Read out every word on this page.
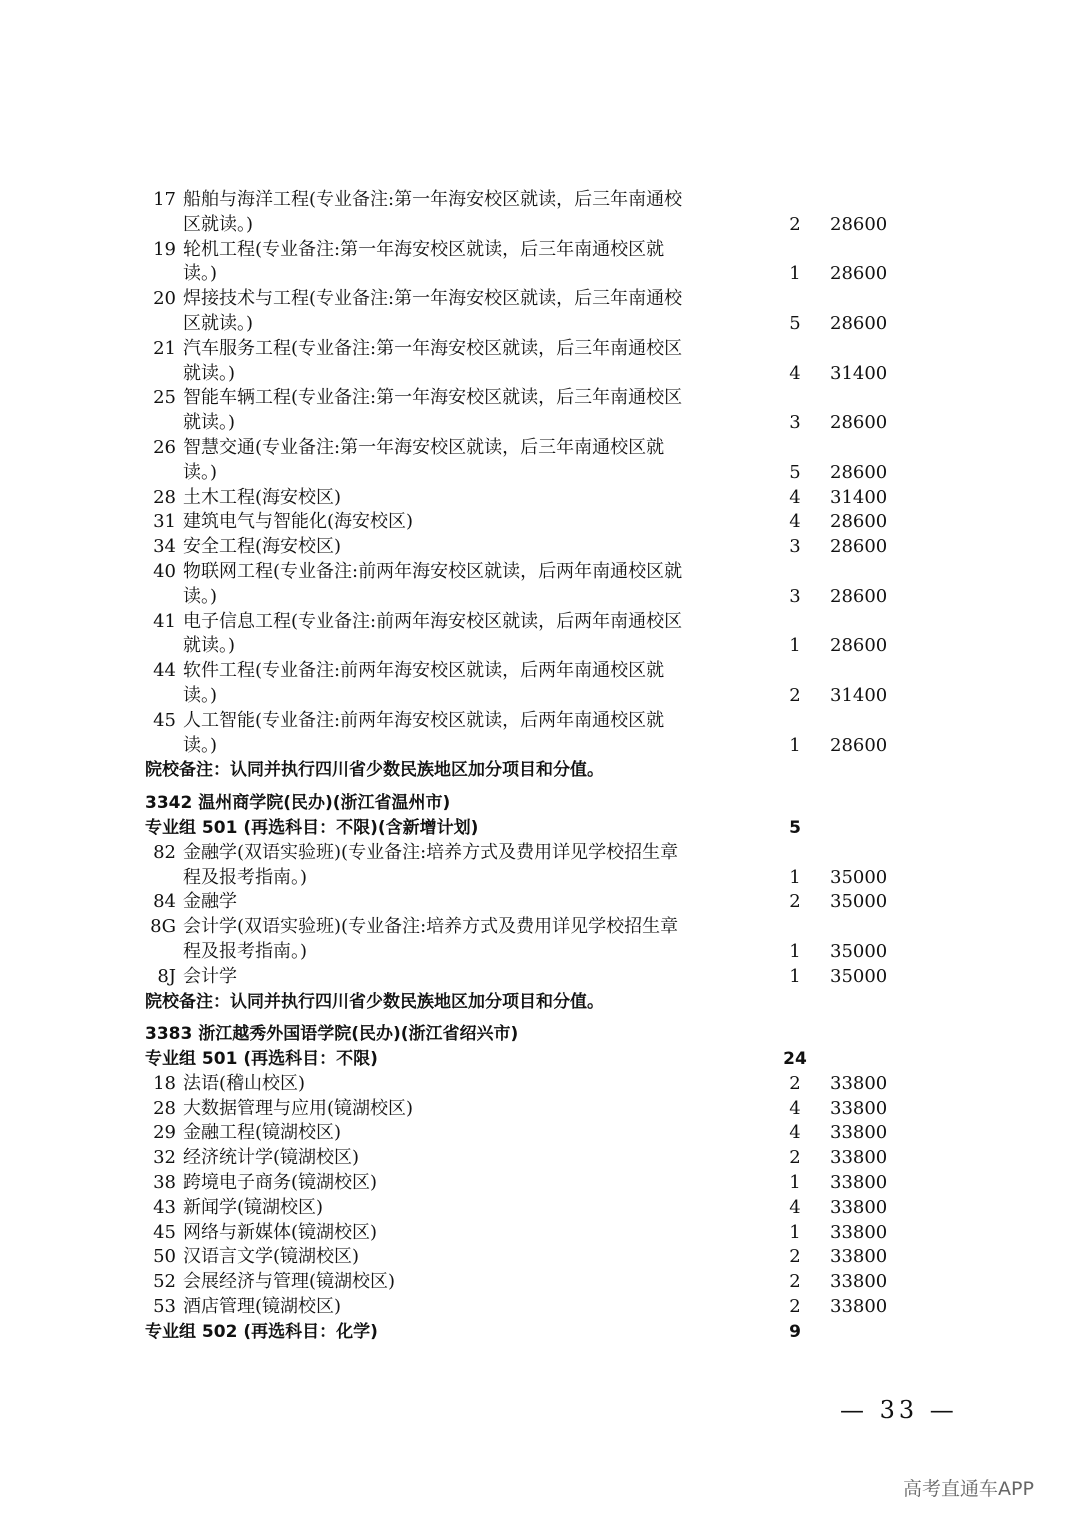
17 船舶与海洋工程(专业备注:第一年海安校区就读，后三年南通校
区就读。)	2	28600
19 轮机工程(专业备注:第一年海安校区就读，后三年南通校区就
读。)	1	28600
20 焊接技术与工程(专业备注:第一年海安校区就读，后三年南通校
区就读。)	5	28600
21 汽车服务工程(专业备注:第一年海安校区就读，后三年南通校区
就读。)	4	31400
25 智能车辆工程(专业备注:第一年海安校区就读，后三年南通校区
就读。)	3	28600
26 智慧交通(专业备注:第一年海安校区就读，后三年南通校区就
读。)	5	28600
28 土木工程(海安校区)	4	31400
31 建筑电气与智能化(海安校区)	4	28600
34 安全工程(海安校区)	3	28600
40 物联网工程(专业备注:前两年海安校区就读，后两年南通校区就
读。)	3	28600
41 电子信息工程(专业备注:前两年海安校区就读，后两年南通校区
就读。)	1	28600
44 软件工程(专业备注:前两年海安校区就读，后两年南通校区就
读。)	2	31400
45 人工智能(专业备注:前两年海安校区就读，后两年南通校区就
读。)	1	28600
院校备注：认同并执行四川省少数民族地区加分项目和分值。
3342 温州商学院(民办)(浙江省温州市)
专业组 501 (再选科目：不限)(含新增计划)	5
82 金融学(双语实验班)(专业备注:培养方式及费用详见学校招生章
程及报考指南。)	1	35000
84 金融学	2	35000
8G 会计学(双语实验班)(专业备注:培养方式及费用详见学校招生章
程及报考指南。)	1	35000
8J 会计学	1	35000
院校备注：认同并执行四川省少数民族地区加分项目和分值。
3383 浙江越秀外国语学院(民办)(浙江省绍兴市)
专业组 501 (再选科目：不限)	24
18 法语(稽山校区)	2	33800
28 大数据管理与应用(镜湖校区)	4	33800
29 金融工程(镜湖校区)	4	33800
32 经济统计学(镜湖校区)	2	33800
38 跨境电子商务(镜湖校区)	1	33800
43 新闻学(镜湖校区)	4	33800
45 网络与新媒体(镜湖校区)	1	33800
50 汉语言文学(镜湖校区)	2	33800
52 会展经济与管理(镜湖校区)	2	33800
53 酒店管理(镜湖校区)	2	33800
专业组 502 (再选科目：化学)	9
— 33 —
高考直通车APP
